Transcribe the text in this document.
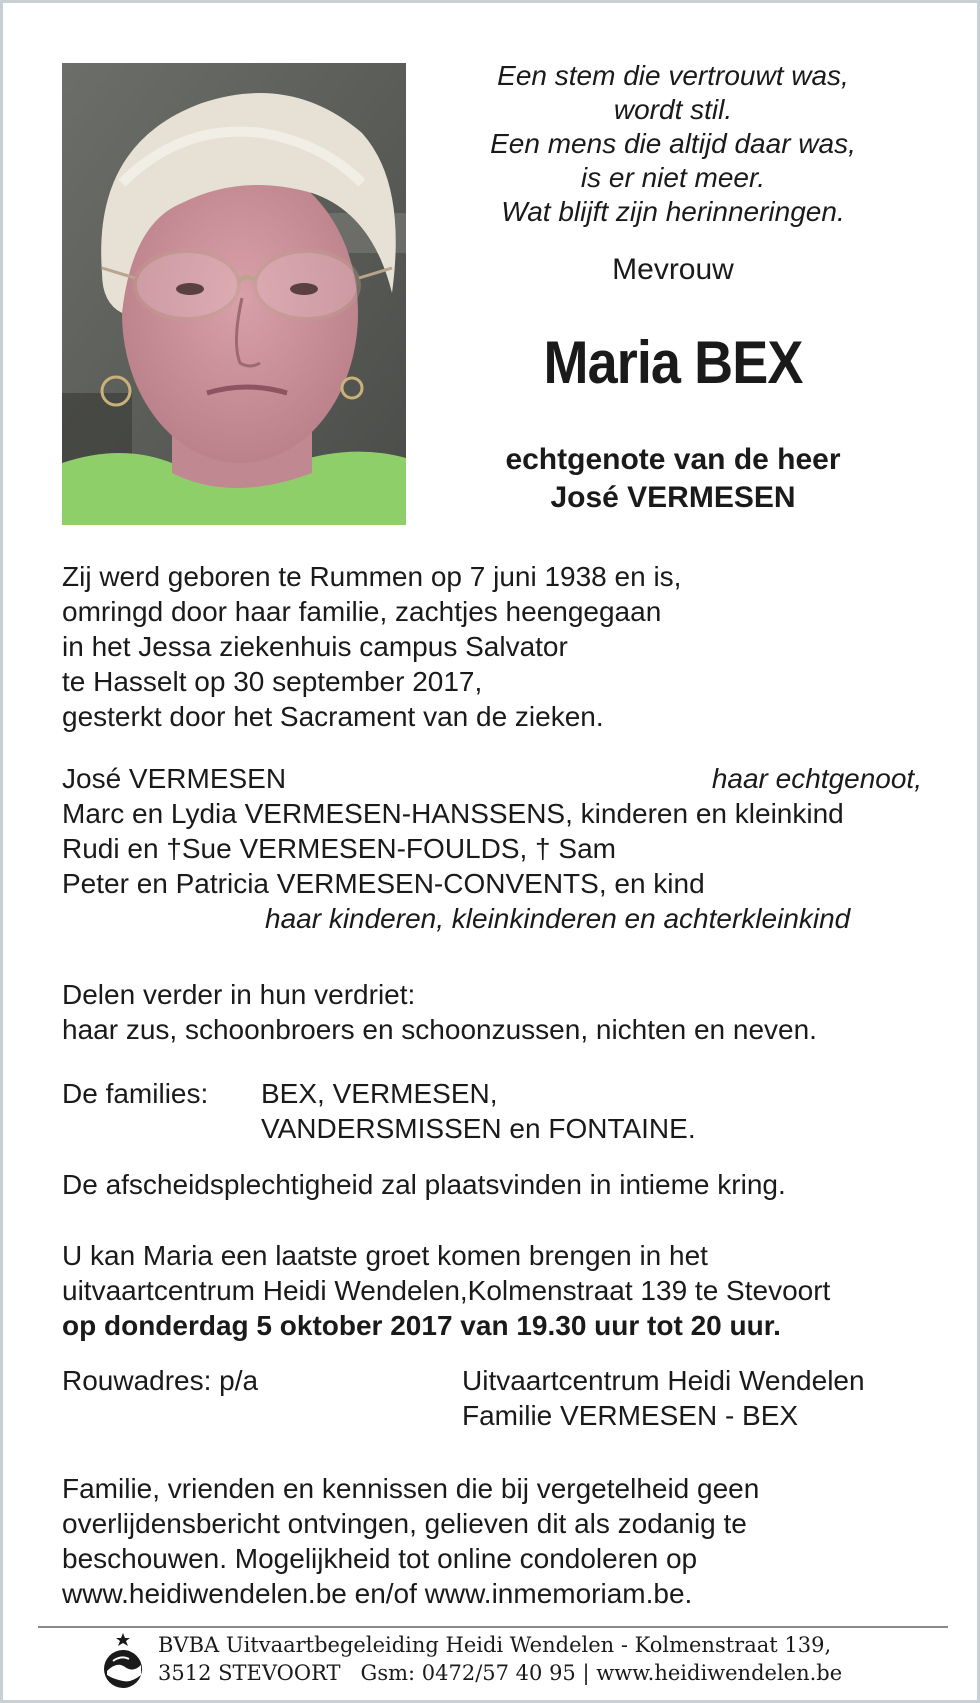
Een stem die vertrouwt was,
wordt stil.
Een mens die altijd daar was,
is er niet meer.
Wat blijft zijn herinneringen.
Mevrouw
Maria BEX
echtgenote van de heer
José VERMESEN
Zij werd geboren te Rummen op 7 juni 1938 en is,
omringd door haar familie, zachtjes heengegaan
in het Jessa ziekenhuis campus Salvator
te Hasselt op 30 september 2017,
gesterkt door het Sacrament van de zieken.
José VERMESEN	haar echtgenoot,
Marc en Lydia VERMESEN-HANSSENS, kinderen en kleinkind
Rudi en †Sue VERMESEN-FOULDS, † Sam
Peter en Patricia VERMESEN-CONVENTS, en kind
haar kinderen, kleinkinderen en achterkleinkind
Delen verder in hun verdriet:
haar zus, schoonbroers en schoonzussen, nichten en neven.
De families: BEX, VERMESEN,
VANDERSMISSEN en FONTAINE.
De afscheidsplechtigheid zal plaatsvinden in intieme kring.
U kan Maria een laatste groet komen brengen in het
uitvaartcentrum Heidi Wendelen,Kolmenstraat 139 te Stevoort
op donderdag 5 oktober 2017 van 19.30 uur tot 20 uur.
Rouwadres: p/a	Uitvaartcentrum Heidi Wendelen
Familie VERMESEN - BEX
Familie, vrienden en kennissen die bij vergetelheid geen
overlijdensbericht ontvingen, gelieven dit als zodanig te
beschouwen. Mogelijkheid tot online condoleren op
www.heidiwendelen.be en/of www.inmemoriam.be.
BVBA Uitvaartbegeleiding Heidi Wendelen - Kolmenstraat 139,
3512 STEVOORT   Gsm: 0472/57 40 95 | www.heidiwendelen.be
